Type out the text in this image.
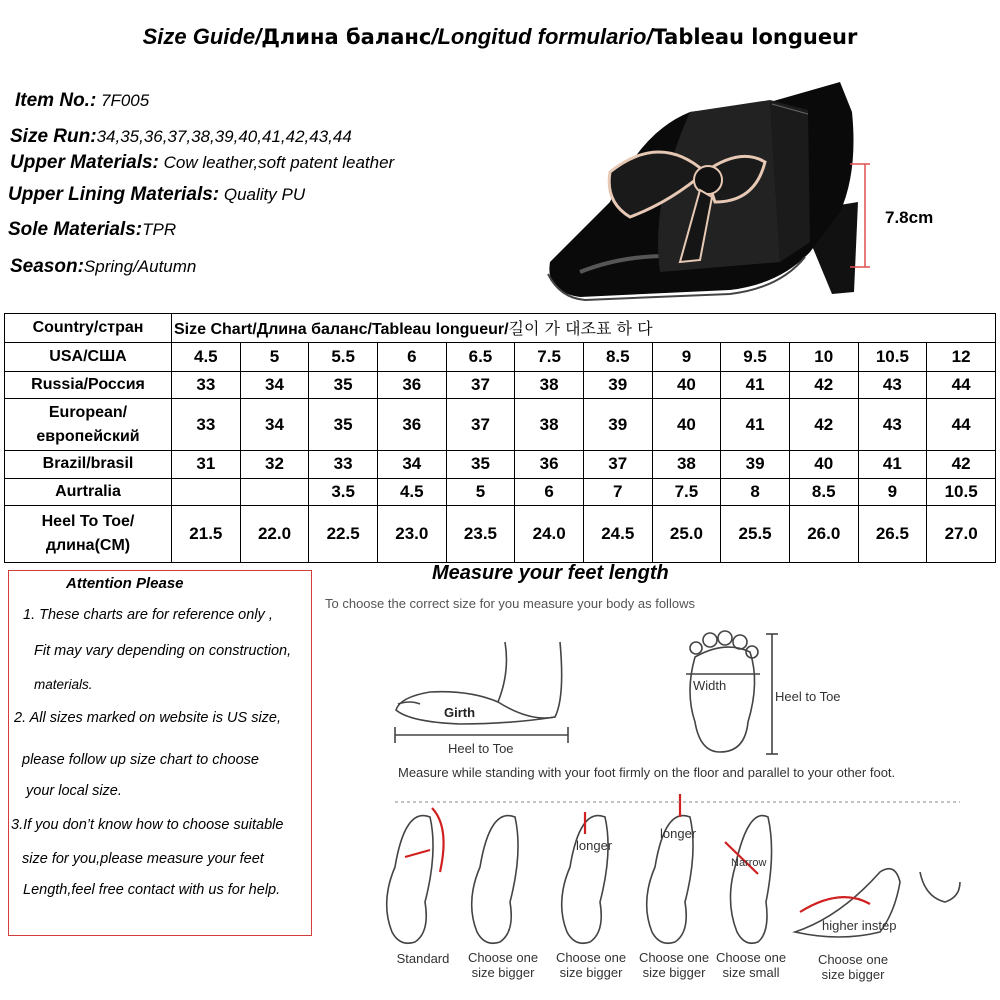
Size Guide/Длина баланс/Longitud formulario/Tableau longueur
Item No.: 7F005
Size Run:34,35,36,37,38,39,40,41,42,43,44
Upper Materials: Cow leather,soft patent leather
Upper Lining Materials: Quality PU
Sole Materials:TPR
Season:Spring/Autumn
7.8cm
Country/стран	Size Chart/Длина баланс/Tableau longueur/길이 가 대조표 하 다											
USA/США	4.5	5	5.5	6	6.5	7.5	8.5	9	9.5	10	10.5	12
Russia/Россия	33	34	35	36	37	38	39	40	41	42	43	44
European/европейский	33	34	35	36	37	38	39	40	41	42	43	44
Brazil/brasil	31	32	33	34	35	36	37	38	39	40	41	42
Aurtralia			3.5	4.5	5	6	7	7.5	8	8.5	9	10.5
Heel To Toe/длина(CM)	21.5	22.0	22.5	23.0	23.5	24.0	24.5	25.0	25.5	26.0	26.5	27.0
Attention Please
1. These charts are for reference only ,
Fit may vary depending on construction,
materials.
2. All sizes marked on website is US size,
please follow up size chart to choose
your local size.
3.If you don’t know how to choose suitable
size for you,please measure your feet
Length,feel free contact with us for help.
Measure your feet length
To choose the correct size for you measure your body as follows
Girth
Heel to Toe
Width
Heel to Toe
Measure while standing with your foot firmly on the floor and parallel to your other foot.
longer
longer
Narrow
higher instep
Standard	Choose one size bigger
Choose one size bigger
Choose one size bigger
Choose one size small
Choose one size bigger
